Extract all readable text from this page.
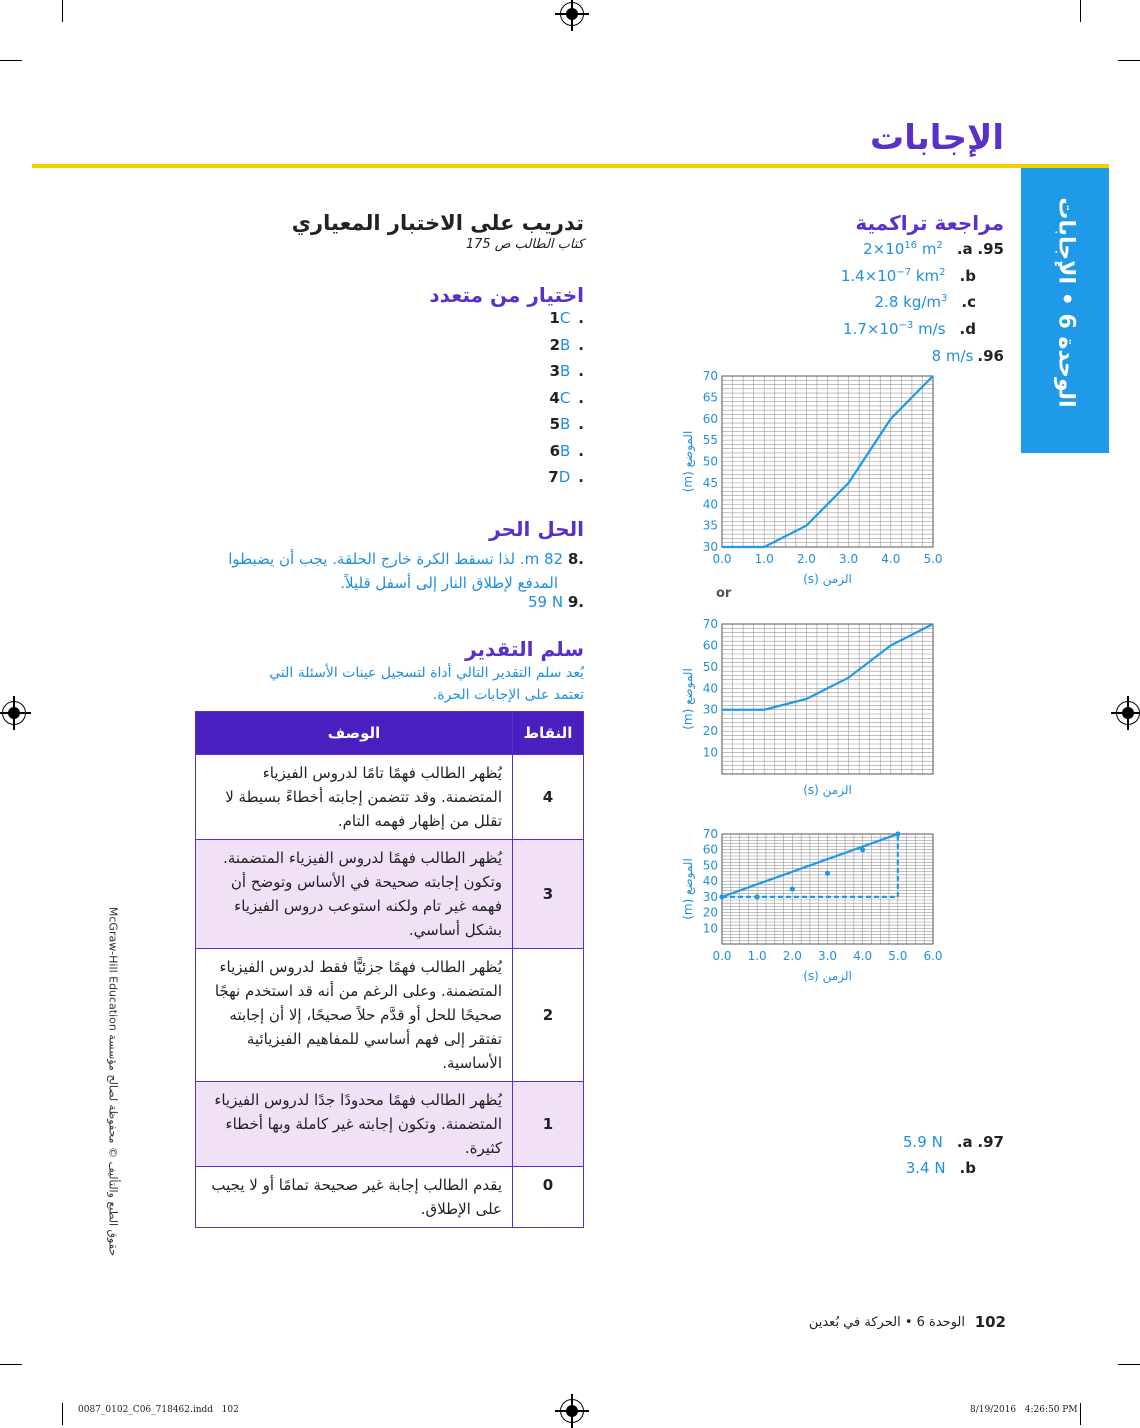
الإجابات
الوحدة 6 • الإجابات
تدريب على الاختبار المعياري
كتاب الطالب ص 175
اختيار من متعدد
.1C
.2B
.3B
.4C
.5B
.6B
.7D
الحل الحر
.8 82 m. لذا تسقط الكرة خارج الحلقة. يجب أن يضبطوا
المدفع لإطلاق النار إلى أسفل قليلاً.
.9 59 N
سلم التقدير
يُعد سلم التقدير التالي أداة لتسجيل عينات الأسئلة التي
تعتمد على الإجابات الحرة.
النقاط	الوصف
4	يُظهر الطالب فهمًا تامًا لدروس الفيزياء المتضمنة. وقد تتضمن إجابته أخطاءً بسيطة لا تقلل من إظهار فهمه التام.
3	يُظهر الطالب فهمًا لدروس الفيزياء المتضمنة. وتكون إجابته صحيحة في الأساس وتوضح أن فهمه غير تام ولكنه استوعب دروس الفيزياء بشكل أساسي.
2	يُظهر الطالب فهمًا جزئيًّا فقط لدروس الفيزياء المتضمنة. وعلى الرغم من أنه قد استخدم نهجًا صحيحًا للحل أو قدَّم حلاً صحيحًا، إلا أن إجابته تفتقر إلى فهم أساسي للمفاهيم الفيزيائية الأساسية.
1	يُظهر الطالب فهمًا محدودًا جدًا لدروس الفيزياء المتضمنة. وتكون إجابته غير كاملة وبها أخطاء كثيرة.
0	يقدم الطالب إجابة غير صحيحة تمامًا أو لا يجيب على الإطلاق.
مراجعة تراكمية
$2\times 10^{16}$ $m^2$ .a .95
$1.4\times 10^{-7}$ $km^2$ .b
2.8 $kg/m^3$ .c
$1.7\times 10^{-3}$ m/s .d
8 m/s .96
30
35
40
45
50
55
60
65
70
0.0 1.0 2.0 3.0 4.0 5.0
الزمن (s)
الموضع (m)
10
20
30
40
50
60
70
الزمن (s)
الموضع (m)
10
20
30
40
50
60
70
0.0 1.0 2.0 3.0 4.0 5.0 6.0
الزمن (s)
الموضع (m)
or
5.9 N .a .97
3.4 N .b
حقوق الطبع والتأليف © محفوظة لصالح مؤسسة McGraw-Hill Education
102
الوحدة 6 • الحركة في بُعدين
0087_0102_C06_718462.indd   102	8/19/2016   4:26:50 PM
